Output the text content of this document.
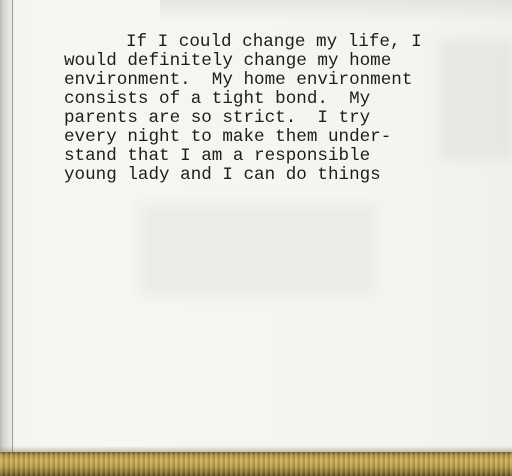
If I could change my life, I
would definitely change my home
environment.  My home environment
consists of a tight bond.  My
parents are so strict.  I try
every night to make them under-
stand that I am a responsible
young lady and I can do things
